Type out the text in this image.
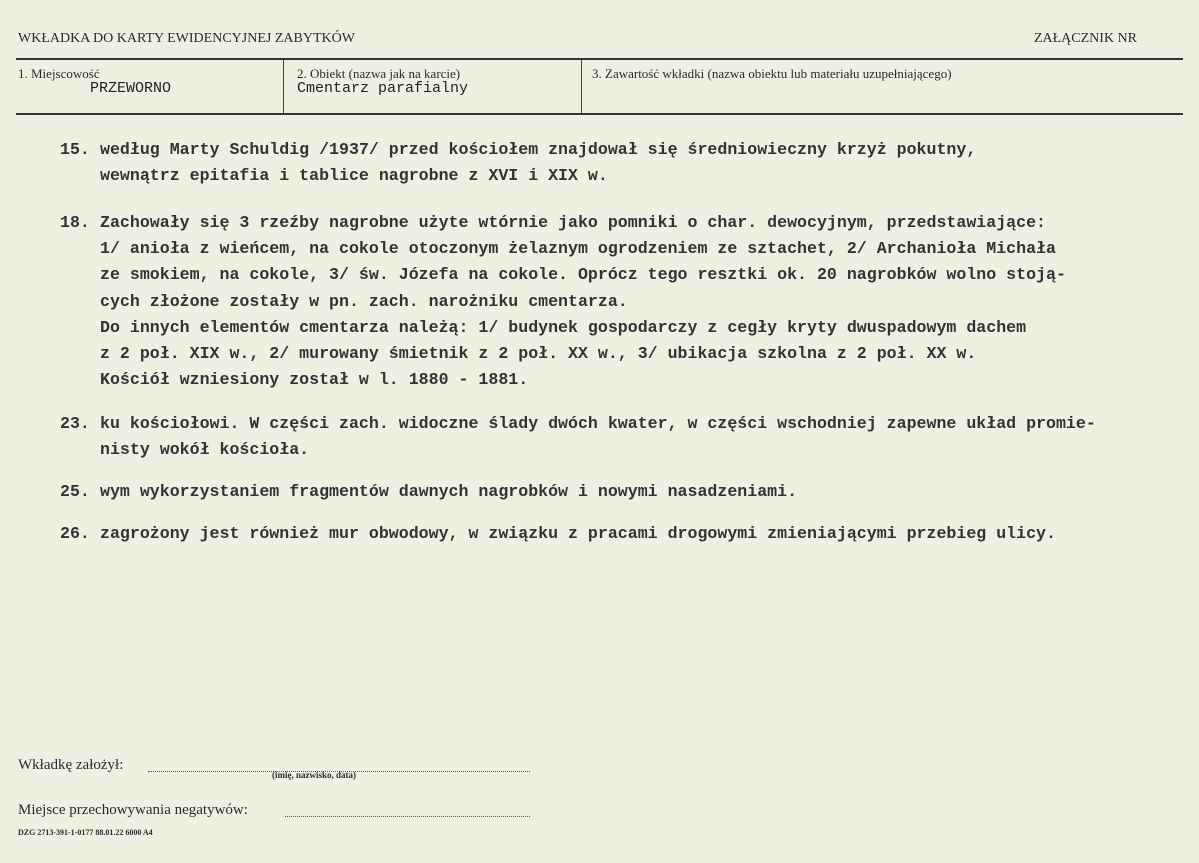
WKŁADKA DO KARTY EWIDENCYJNEJ ZABYTKÓW	ZAŁĄCZNIK NR
1. Miejscowość
PRZEWORNO
2. Obiekt (nazwa jak na karcie)
Cmentarz parafialny
3. Zawartość wkładki (nazwa obiektu lub materiału uzupełniającego)
15. według Marty Schuldig /1937/ przed kościołem znajdował się średniowieczny krzyż pokutny,
wewnątrz epitafia i tablice nagrobne z XVI i XIX w.
18. Zachowały się 3 rzeźby nagrobne użyte wtórnie jako pomniki o char. dewocyjnym, przedstawiające:
1/ anioła z wieńcem, na cokole otoczonym żelaznym ogrodzeniem ze sztachet, 2/ Archanioła Michała
ze smokiem, na cokole, 3/ św. Józefa na cokole. Oprócz tego resztki ok. 20 nagrobków wolno stoją-
cych złożone zostały w pn. zach. narożniku cmentarza.
Do innych elementów cmentarza należą: 1/ budynek gospodarczy z cegły kryty dwuspadowym dachem
z 2 poł. XIX w., 2/ murowany śmietnik z 2 poł. XX w., 3/ ubikacja szkolna z 2 poł. XX w.
Kościół wzniesiony został w l. 1880 - 1881.
23. ku kościołowi. W części zach. widoczne ślady dwóch kwater, w części wschodniej zapewne układ promie-
nisty wokół kościoła.
25. wym wykorzystaniem fragmentów dawnych nagrobków i nowymi nasadzeniami.
26. zagrożony jest również mur obwodowy, w związku z pracami drogowymi zmieniającymi przebieg ulicy.
Wkładkę założył:
(imię, nazwisko, data)
Miejsce przechowywania negatywów:
DZG 2713-391-1-0177 88.01.22 6000 A4
